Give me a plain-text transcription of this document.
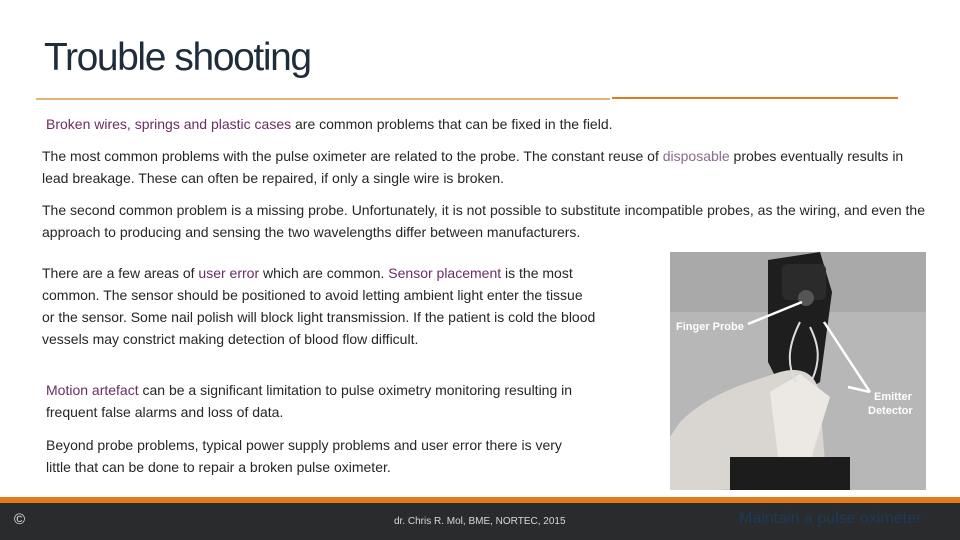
Trouble shooting

Broken wires, springs and plastic cases are common problems that can be fixed in the field.

The most common problems with the pulse oximeter are related to the probe. The constant reuse of disposable probes eventually results in lead breakage. These can often be repaired, if only a single wire is broken.

The second common problem is a missing probe. Unfortunately, it is not possible to substitute incompatible probes, as the wiring, and even the approach to producing and sensing the two wavelengths differ between manufacturers.

There are a few areas of user error which are common. Sensor placement is the most common. The sensor should be positioned to avoid letting ambient light enter the tissue or the sensor. Some nail polish will block light transmission. If the patient is cold the blood vessels may constrict making detection of blood flow difficult.

Motion artefact can be a significant limitation to pulse oximetry monitoring resulting in frequent false alarms and loss of data.

Beyond probe problems, typical power supply problems and user error there is very little that can be done to repair a broken pulse oximeter.

Finger Probe
Emitter
Detector
©	dr. Chris R. Mol, BME, NORTEC, 2015	Maintain a pulse oximeter
